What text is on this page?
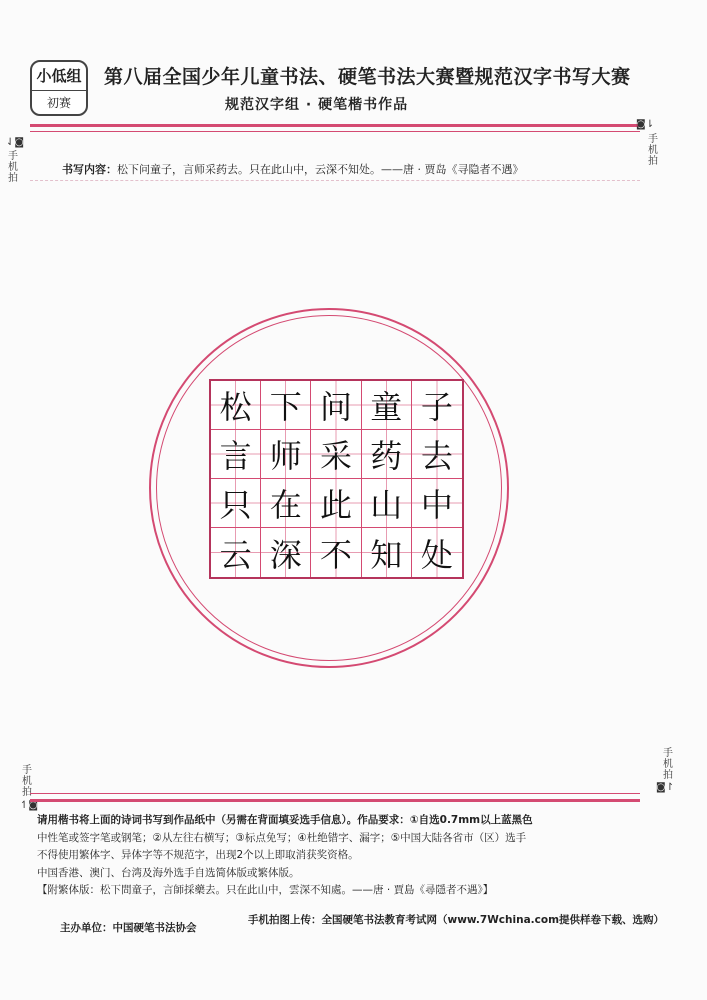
小低组
初赛
第八届全国少年儿童书法、硬笔书法大赛暨规范汉字书写大赛
规范汉字组 · 硬笔楷书作品
⇃◙
手
机
拍
◙⇂
手
机
拍
书写内容：松下问童子，言师采药去。只在此山中，云深不知处。——唐 · 贾岛《寻隐者不遇》
松 下 问 童 子
言 师 采 药 去
只 在 此 山 中
云 深 不 知 处
手
机
拍
↿◙
手
机
拍
◙↾

请用楷书将上面的诗词书写到作品纸中（另需在背面填妥选手信息）。作品要求：①自选0.7mm以上蓝黑色

中性笔或签字笔或钢笔；②从左往右横写；③标点免写；④杜绝错字、漏字；⑤中国大陆各省市（区）选手

不得使用繁体字、异体字等不规范字，出现2个以上即取消获奖资格。

中国香港、澳门、台湾及海外选手自选简体版或繁体版。

【附繁体版：松下問童子，言師採藥去。只在此山中，雲深不知處。——唐 · 賈島《尋隱者不遇》】

主办单位：中国硬笔书法协会
手机拍图上传：全国硬笔书法教育考试网（www.7Wchina.com提供样卷下载、选购）
